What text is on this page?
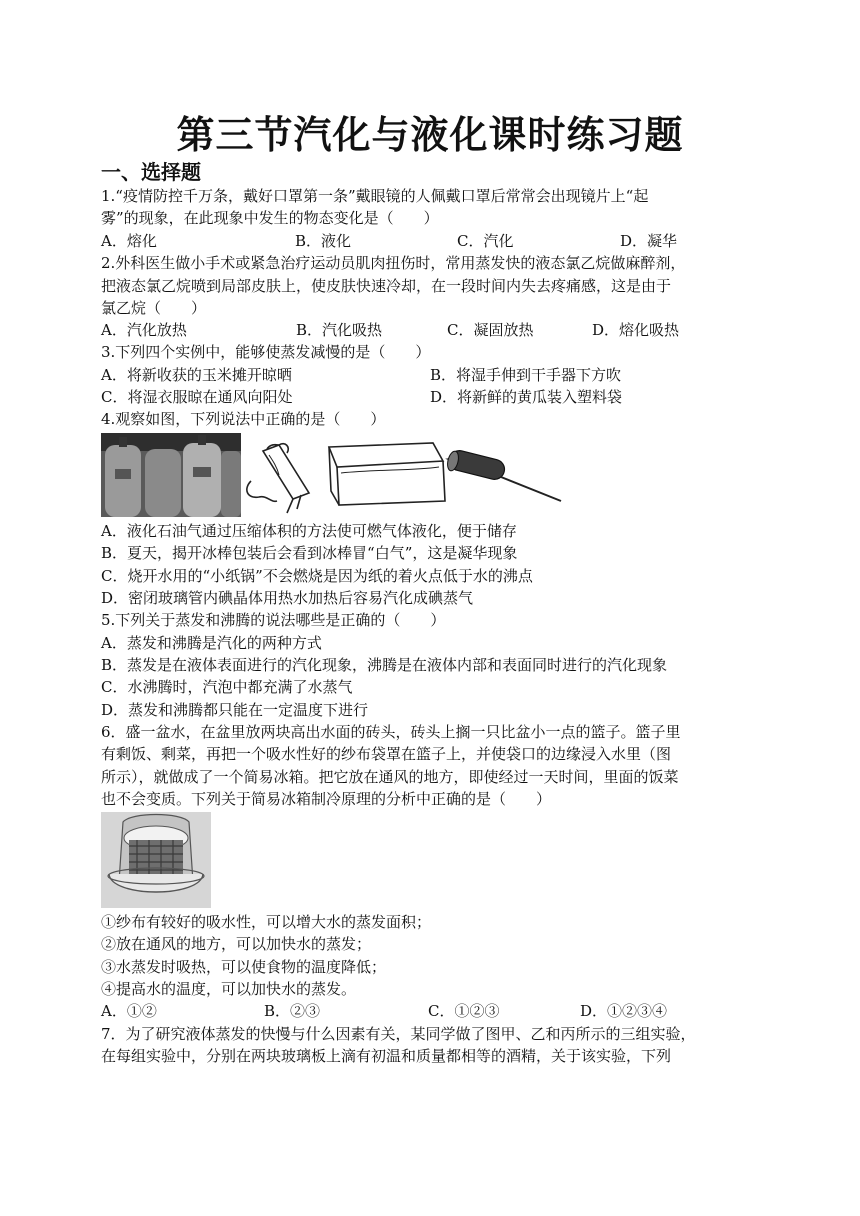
第三节汽化与液化课时练习题
一、选择题
1.“疫情防控千万条，戴好口罩第一条”戴眼镜的人佩戴口罩后常常会出现镜片上“起
雾”的现象，在此现象中发生的物态变化是（　　）
A．熔化	B．液化	C．汽化	D．凝华
2.外科医生做小手术或紧急治疗运动员肌肉扭伤时，常用蒸发快的液态氯乙烷做麻醉剂，
把液态氯乙烷喷到局部皮肤上，使皮肤快速冷却，在一段时间内失去疼痛感，这是由于
氯乙烷（　　）
A．汽化放热	B．汽化吸热	C．凝固放热	D．熔化吸热
3.下列四个实例中，能够使蒸发减慢的是（　　）
A．将新收获的玉米摊开晾晒	B．将湿手伸到干手器下方吹
C．将湿衣服晾在通风向阳处	D．将新鲜的黄瓜装入塑料袋
4.观察如图，下列说法中正确的是（　　）
A．液化石油气通过压缩体积的方法使可燃气体液化，便于储存
B．夏天，揭开冰棒包装后会看到冰棒冒“白气”，这是凝华现象
C．烧开水用的“小纸锅”不会燃烧是因为纸的着火点低于水的沸点
D．密闭玻璃管内碘晶体用热水加热后容易汽化成碘蒸气
5.下列关于蒸发和沸腾的说法哪些是正确的（　　）
A．蒸发和沸腾是汽化的两种方式
B．蒸发是在液体表面进行的汽化现象，沸腾是在液体内部和表面同时进行的汽化现象
C．水沸腾时，汽泡中都充满了水蒸气
D．蒸发和沸腾都只能在一定温度下进行
6．盛一盆水，在盆里放两块高出水面的砖头，砖头上搁一只比盆小一点的篮子。篮子里
有剩饭、剩菜，再把一个吸水性好的纱布袋罩在篮子上，并使袋口的边缘浸入水里（图
所示），就做成了一个简易冰箱。把它放在通风的地方，即使经过一天时间，里面的饭菜
也不会变质。下列关于简易冰箱制冷原理的分析中正确的是（　　）
①纱布有较好的吸水性，可以增大水的蒸发面积；
②放在通风的地方，可以加快水的蒸发；
③水蒸发时吸热，可以使食物的温度降低；
④提高水的温度，可以加快水的蒸发。
A．①②	B．②③	C．①②③	D．①②③④
7．为了研究液体蒸发的快慢与什么因素有关，某同学做了图甲、乙和丙所示的三组实验，
在每组实验中，分别在两块玻璃板上滴有初温和质量都相等的酒精，关于该实验，下列
